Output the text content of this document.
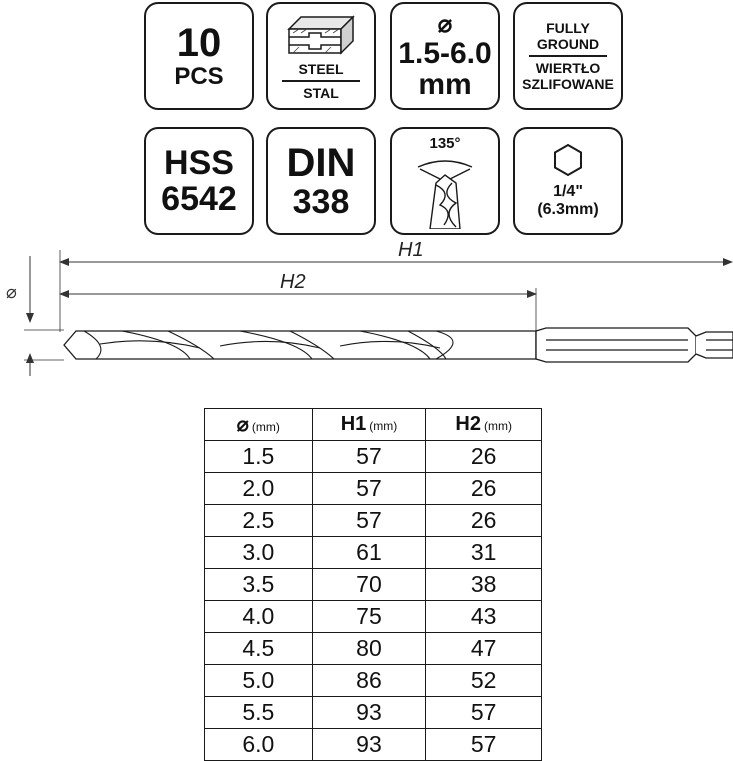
10
PCS	STEEL
STAL
⌀
1.5-6.0
mm
FULLY
GROUND
WIERTŁO
SZLIFOWANE
HSS
6542
DIN
338
135°
1/4"
(6.3mm)
H1
H2
⌀
⌀ (mm)	H1 (mm)	H2 (mm)
1.5	57	26
2.0	57	26
2.5	57	26
3.0	61	31
3.5	70	38
4.0	75	43
4.5	80	47
5.0	86	52
5.5	93	57
6.0	93	57
